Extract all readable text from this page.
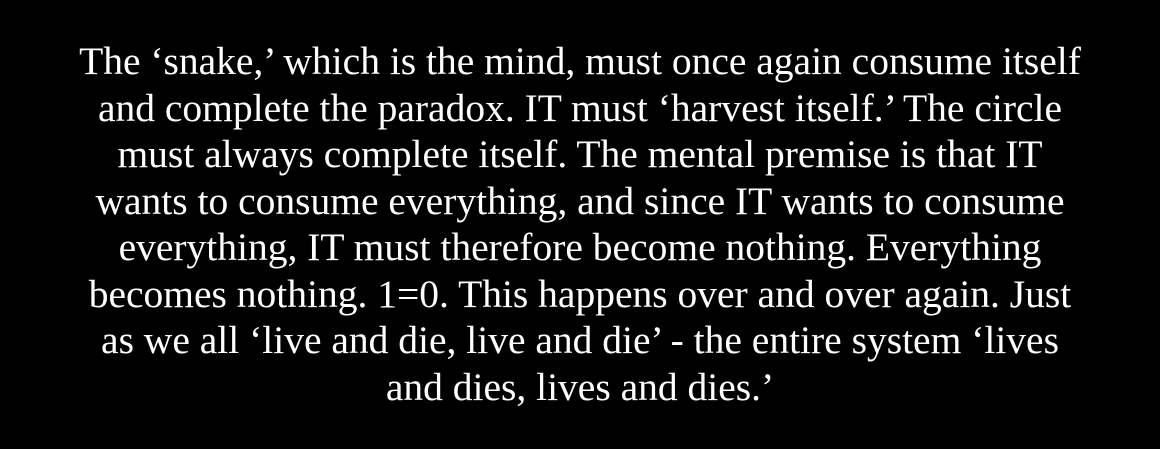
The ‘snake,’ which is the mind, must once again consume itself
and complete the paradox. IT must ‘harvest itself.’ The circle
must always complete itself. The mental premise is that IT
wants to consume everything, and since IT wants to consume
everything, IT must therefore become nothing. Everything
becomes nothing. 1=0. This happens over and over again. Just
as we all ‘live and die, live and die’ - the entire system ‘lives
and dies, lives and dies.’
